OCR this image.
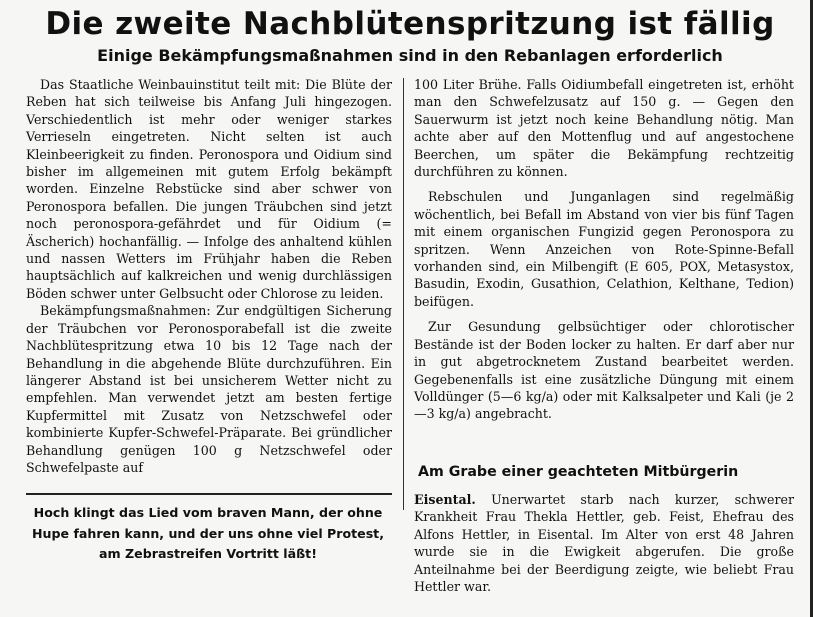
Die zweite Nachblütenspritzung ist fällig
Einige Bekämpfungsmaßnahmen sind in den Rebanlagen erforderlich

Das Staatliche Weinbauinstitut teilt mit: Die Blüte der Reben hat sich teilweise bis Anfang Juli hingezogen. Verschiedentlich ist mehr oder weniger starkes Verrieseln eingetreten. Nicht selten ist auch Kleinbeerigkeit zu finden. Peronospora und Oidium sind bisher im allgemeinen mit gutem Erfolg bekämpft worden. Einzelne Rebstücke sind aber schwer von Peronospora befallen. Die jungen Träubchen sind jetzt noch peronospora-gefährdet und für Oidium (= Äscherich) hochanfällig. — Infolge des anhaltend kühlen und nassen Wetters im Frühjahr haben die Reben hauptsächlich auf kalkreichen und wenig durchlässigen Böden schwer unter Gelbsucht oder Chlorose zu leiden.

Bekämpfungsmaßnahmen: Zur endgültigen Sicherung der Träubchen vor Peronosporabefall ist die zweite Nachblütespritzung etwa 10 bis 12 Tage nach der Behandlung in die abgehende Blüte durchzuführen. Ein längerer Abstand ist bei unsicherem Wetter nicht zu empfehlen. Man verwendet jetzt am besten fertige Kupfermittel mit Zusatz von Netzschwefel oder kombinierte Kupfer-Schwefel-Präparate. Bei gründlicher Behandlung genügen 100 g Netzschwefel oder Schwefelpaste auf

100 Liter Brühe. Falls Oidiumbefall eingetreten ist, erhöht man den Schwefelzusatz auf 150 g. — Gegen den Sauerwurm ist jetzt noch keine Behandlung nötig. Man achte aber auf den Mottenflug und auf angestochene Beerchen, um später die Bekämpfung rechtzeitig durchführen zu können.

Rebschulen und Junganlagen sind regelmäßig wöchentlich, bei Befall im Abstand von vier bis fünf Tagen mit einem organischen Fungizid gegen Peronospora zu spritzen. Wenn Anzeichen von Rote-Spinne-Befall vorhanden sind, ein Milbengift (E 605, POX, Metasystox, Basudin, Exodin, Gusathion, Celathion, Kelthane, Tedion) beifügen.

Zur Gesundung gelbsüchtiger oder chlorotischer Bestände ist der Boden locker zu halten. Er darf aber nur in gut abgetrocknetem Zustand bearbeitet werden. Gegebenenfalls ist eine zusätzliche Düngung mit einem Volldünger (5—6 kg/a) oder mit Kalksalpeter und Kali (je 2—3 kg/a) angebracht.

Hoch klingt das Lied vom braven Mann, der ohne Hupe fahren kann, und der uns ohne viel Protest, am Zebrastreifen Vortritt läßt!

Am Grabe einer geachteten Mitbürgerin

Eisental. Unerwartet starb nach kurzer, schwerer Krankheit Frau Thekla Hettler, geb. Feist, Ehefrau des Alfons Hettler, in Eisental. Im Alter von erst 48 Jahren wurde sie in die Ewigkeit abgerufen. Die große Anteilnahme bei der Beerdigung zeigte, wie beliebt Frau Hettler war.
